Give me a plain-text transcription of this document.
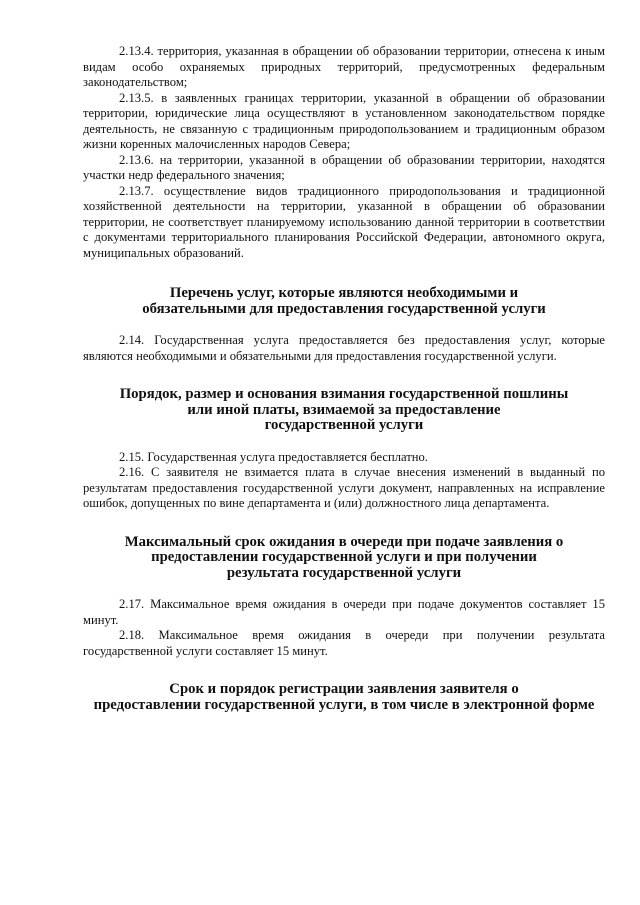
2.13.4. территория, указанная в обращении об образовании территории, отнесена к иным видам особо охраняемых природных территорий, предусмотренных федеральным законодательством;

2.13.5. в заявленных границах территории, указанной в обращении об образовании территории, юридические лица осуществляют в установленном законодательством порядке деятельность, не связанную с традиционным природопользованием и традиционным образом жизни коренных малочисленных народов Севера;

2.13.6. на территории, указанной в обращении об образовании территории, находятся участки недр федерального значения;

2.13.7. осуществление видов традиционного природопользования и традиционной хозяйственной деятельности на территории, указанной в обращении об образовании территории, не соответствует планируемому использованию данной территории в соответствии с документами территориального планирования Российской Федерации, автономного округа, муниципальных образований.

Перечень услуг, которые являются необходимыми и
обязательными для предоставления государственной услуги

2.14. Государственная услуга предоставляется без предоставления услуг, которые являются необходимыми и обязательными для предоставления государственной услуги.

Порядок, размер и основания взимания государственной пошлины
или иной платы, взимаемой за предоставление
государственной услуги

2.15. Государственная услуга предоставляется бесплатно.

2.16. С заявителя не взимается плата в случае внесения изменений в выданный по результатам предоставления государственной услуги документ, направленных на исправление ошибок, допущенных по вине департамента и (или) должностного лица департамента.

Максимальный срок ожидания в очереди при подаче заявления о
предоставлении государственной услуги и при получении
результата государственной услуги

2.17. Максимальное время ожидания в очереди при подаче документов составляет 15 минут.

2.18. Максимальное время ожидания в очереди при получении результата государственной услуги составляет 15 минут.

Срок и порядок регистрации заявления заявителя о
предоставлении государственной услуги, в том числе в электронной форме
